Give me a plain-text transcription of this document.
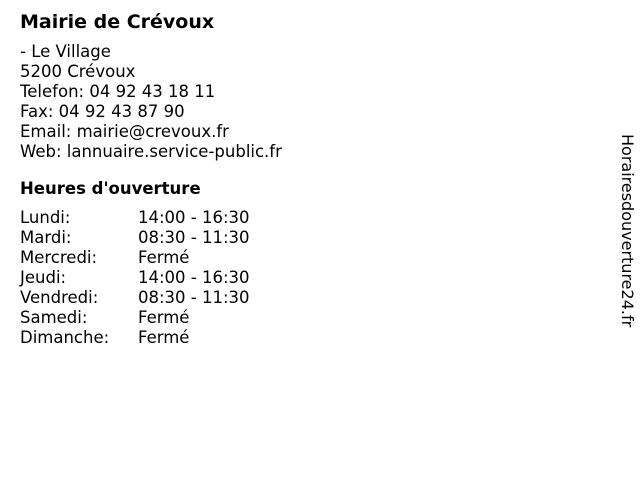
Mairie de Crévoux
- Le Village
5200 Crévoux
Telefon: 04 92 43 18 11
Fax: 04 92 43 87 90
Email: mairie@crevoux.fr
Web: lannuaire.service-public.fr
Heures d'ouverture
Lundi:	14:00 - 16:30
Mardi:	08:30 - 11:30
Mercredi: Fermé
Jeudi:	14:00 - 16:30
Vendredi: 08:30 - 11:30
Samedi:	Fermé
Dimanche: Fermé
Horairesdouverture24.fr
